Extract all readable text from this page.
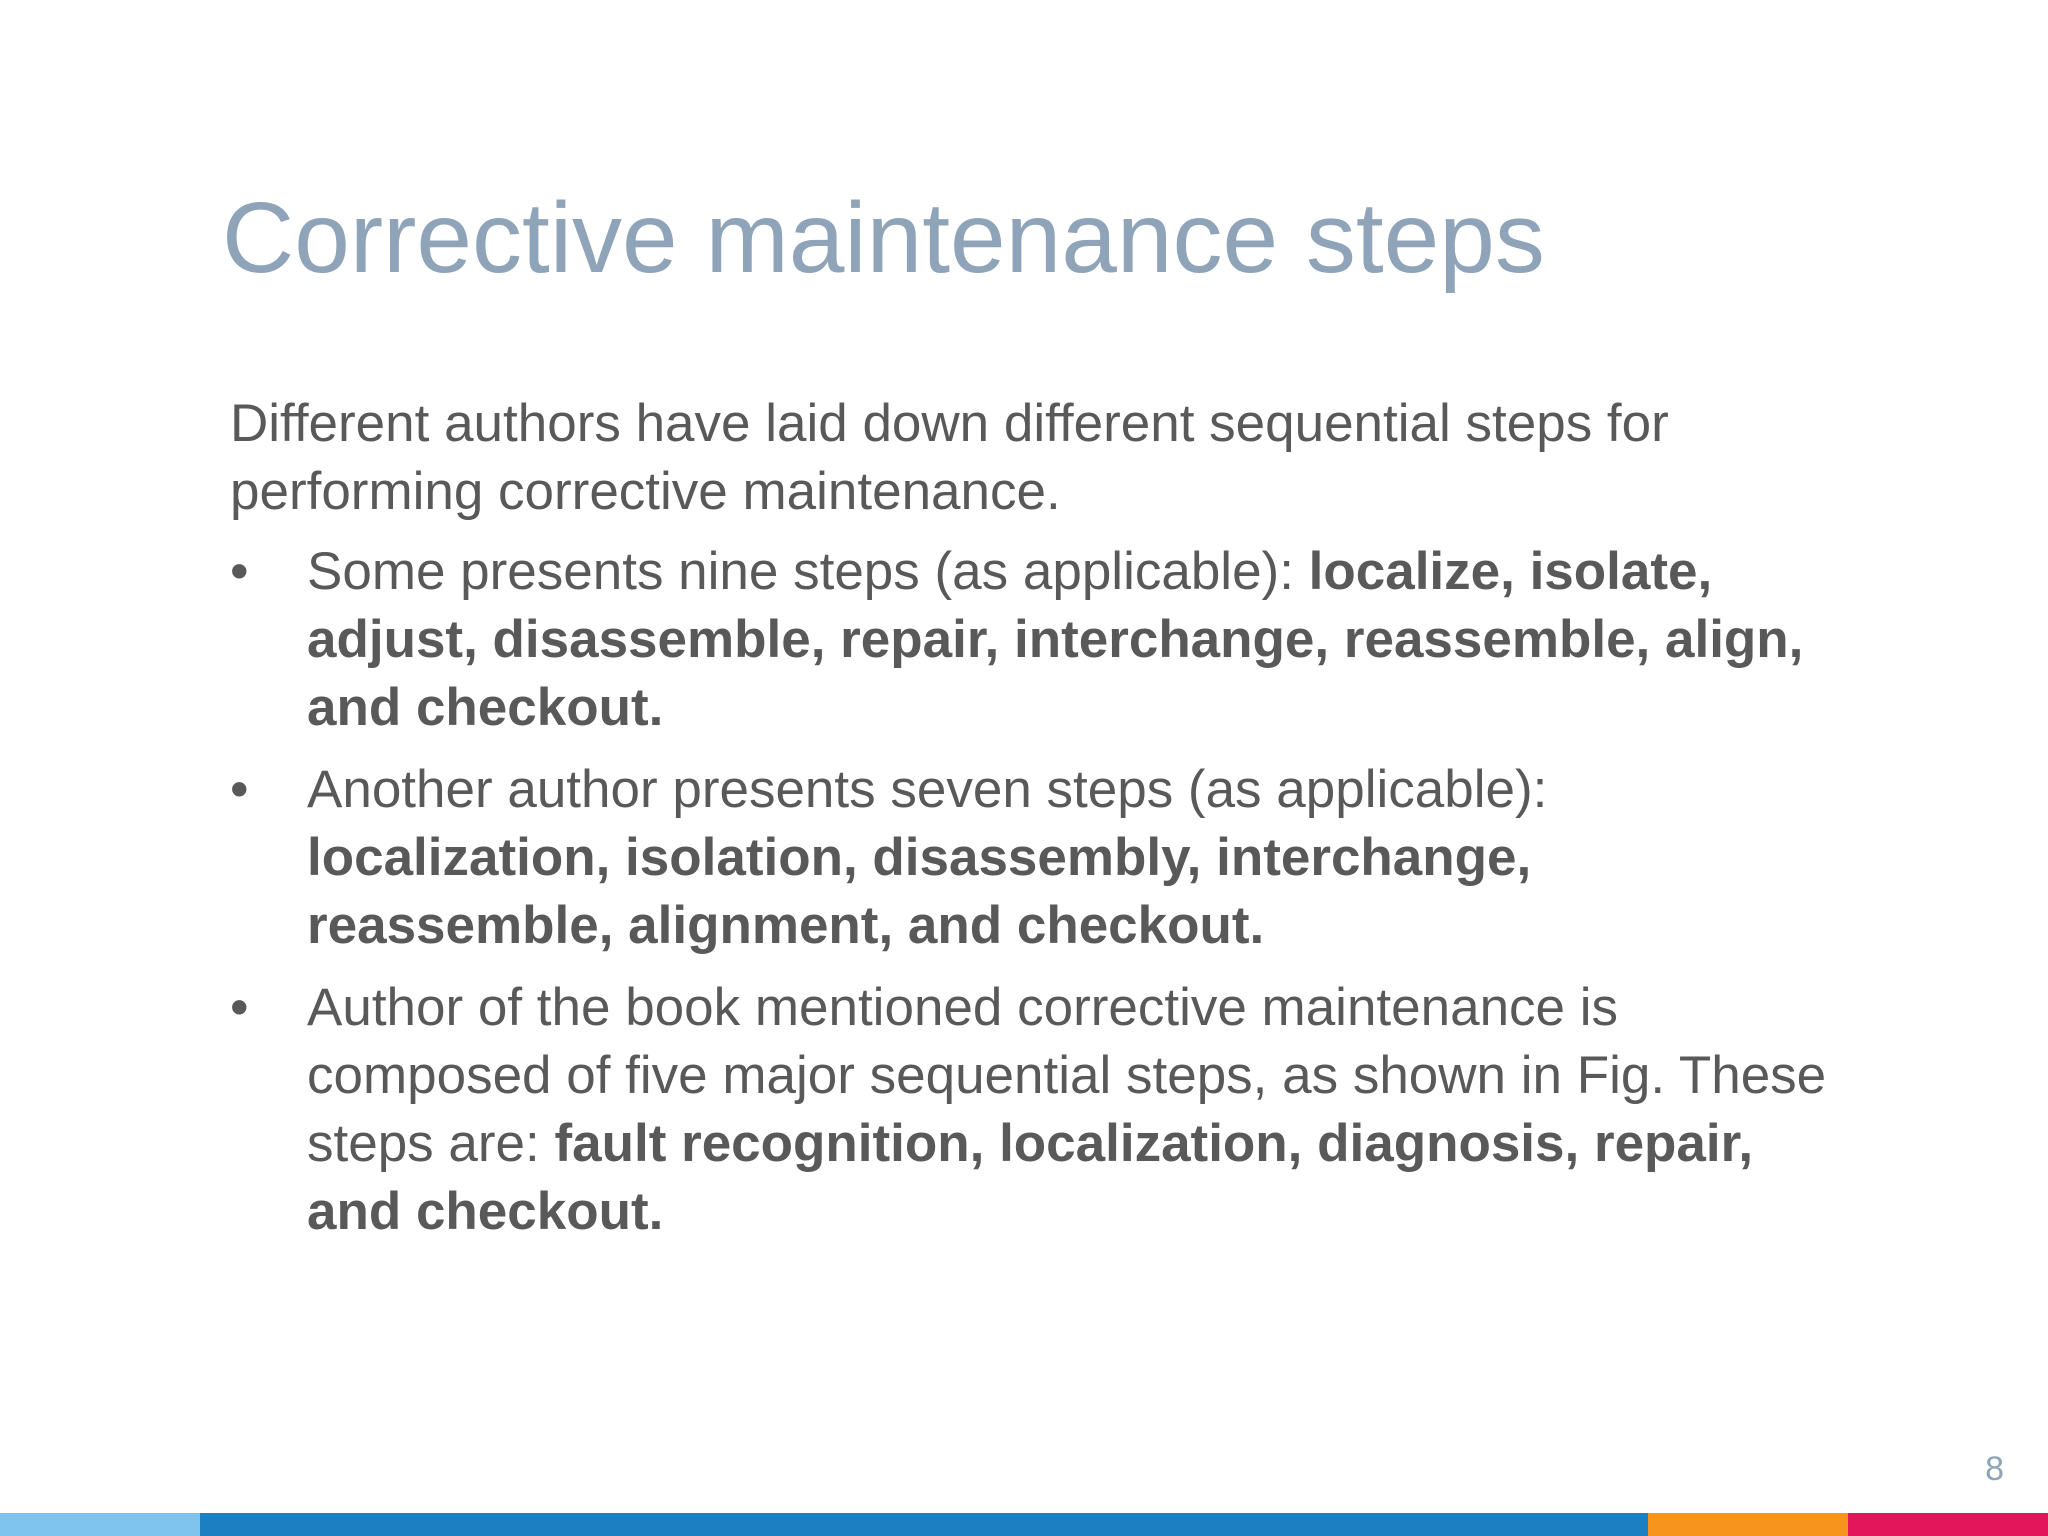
Corrective maintenance steps

Different authors have laid down different sequential steps for performing corrective maintenance.

• Some presents nine steps (as applicable): localize, isolate, adjust, disassemble, repair, interchange, reassemble, align, and checkout.
• Another author presents seven steps (as applicable): localization, isolation, disassembly, interchange, reassemble, alignment, and checkout.
• Author of the book mentioned corrective maintenance is composed of five major sequential steps, as shown in Fig. These steps are: fault recognition, localization, diagnosis, repair, and checkout.
8
